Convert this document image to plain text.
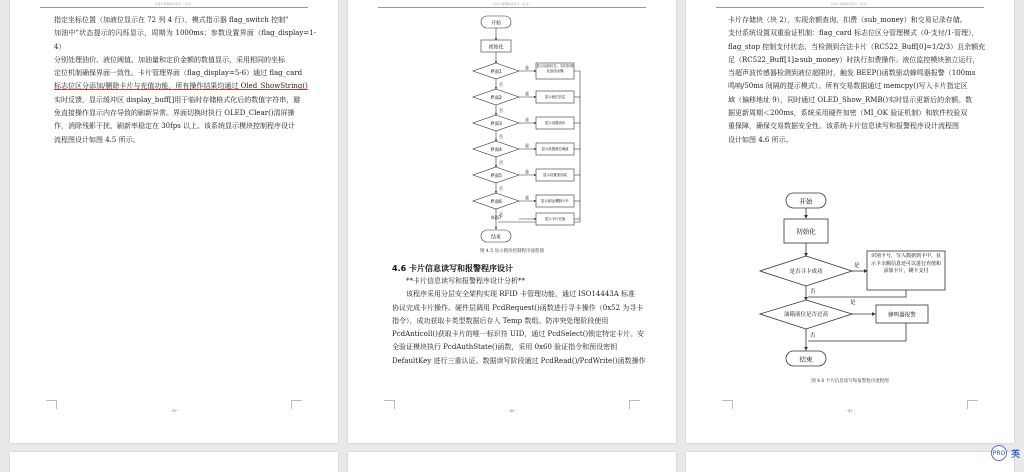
无线卡管理系统设计（论文）
指定坐标位置（加液位显示在 72 列 4 行），模式指示器 flag_switch 控制"
加油中"状态提示的闪烁显示，周期为 1000ms；参数设置界面（flag_display=1-4）
分别处理油价、液位阈值、加油量和定价金额的数值显示，采用相同的坐标
定位机制确保界面一致性。卡片管理界面（flag_display=5-6）通过 flag_card
标志位区分添加/删除卡片与充值功能，所有操作结果均通过 Oled_ShowString()
实时反馈，显示缓冲区 display_buff[]用于临时存储格式化后的数值字符串，避
免直接操作显示内存导致的刷新异常。界面切换时执行 OLED_Clear()清屏操
作，消除残影干扰，刷新率稳定在 30fps 以上。该系统显示模块控制程序设计
流程图设计如图 4.5 所示。
- 39 -
无线卡管理系统设计（论文）
开始
初始化
界面1
界面2
界面3
界面4
界面5
界面6
界面7
是
是
是
是
是
是
否
否
否
否
否
否
显示加油状态、实时价格及加油金额
显示液位信息
显示设置油价
显示设置液位阈值
显示设置加油量
显示添加/删除卡片
显示卡片充值
结束
图 4.5 显示模块控制程序流程图
4.6 卡片信息读写和报警程序设计
**卡片信息读写和报警程序设计分析**
该程序采用分层安全架构实现 RFID 卡管理功能，通过 ISO14443A 标准
协议完成卡片操作。硬件层调用 PcdRequest()函数进行寻卡操作（0x52 为寻卡
指令），成功获取卡类型数据后存入 Temp 数组。防冲突处理阶段使用
PcdAnticoll()获取卡片的唯一标识符 UID，通过 PcdSelect()锁定特定卡片。安
全验证模块执行 PcdAuthState()函数，采用 0x60 验证指令和预设密钥
DefaultKey 进行三重认证。数据读写阶段通过 PcdRead()/PcdWrite()函数操作
- 40 -
无线卡管理系统设计（论文）
卡片存储块（块 2），实现余额查询、扣费（sub_money）和交易记录存储。
支付系统设置双重验证机制：flag_card 标志位区分管理模式（0-支付/1-管理），
flag_stop 控制支付状态，当检测到合法卡片（RC522_Buff[0]=1/2/3）且余额充
足（RC522_Buff[1]≥sub_money）时执行扣费操作。液位监控模块独立运行，
当超声波传感器检测到液位超限时，触发 BEEP()函数驱动蜂鸣器报警（100ms
鸣响/50ms 间隔的提示模式）。所有交易数据通过 memcpy()写入卡片指定区
域（偏移地址 9），同时通过 OLED_Show_RMB()实时显示更新后的余额。数
据更新周期＜200ms，系统采用硬件加密（MI_OK 验证机制）和软件校验双
重保障，确保交易数据安全性。该系统卡片信息读写和报警程序设计流程图
设计如图 4.6 所示。
开始
初始化
是否寻卡成功
是
否
识别卡号，写入数据到卡中，显示卡余额信息还可以进行充值和添加卡片，刷卡支付
油箱液位是否过高
是
否
蜂鸣器报警
结束
图 4.6 卡片信息读写和报警程序流程图
- 41 -
PRO 英
